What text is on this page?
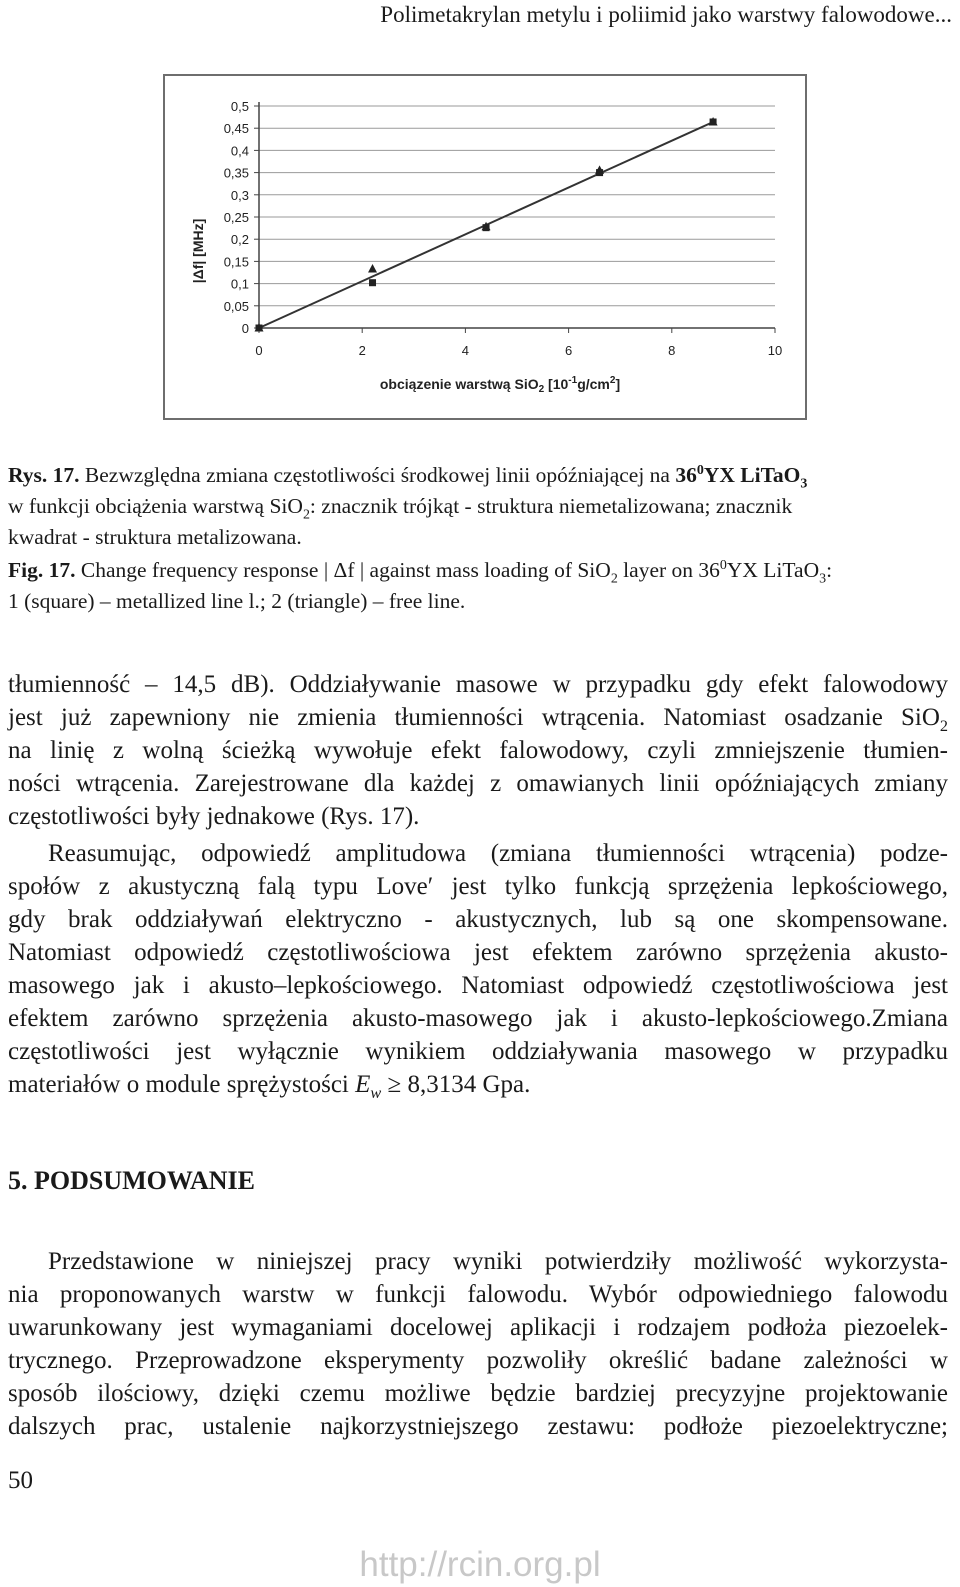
Polimetakrylan metylu i poliimid jako warstwy falowodowe...
0
0,05
0,1
0,15
0,2
0,25
0,3
0,35
0,4
0,45
0,5
0	2	4	6	8	10
|Δf| [MHz]
obciązenie warstwą SiO$_2$ $[10^{-1}g/cm^2]$
Rys. 17. Bezwzględna zmiana częstotliwości środkowej linii opóźniającej na $36^0YX$ LiTaO$_3$
w funkcji obciążenia warstwą SiO$_2$: znacznik trójkąt - struktura niemetalizowana; znacznik
kwadrat - struktura metalizowana.
Fig. 17. Change frequency response | Δf | against mass loading of SiO$_2$ layer on $36^0YX$ LiTaO$_3$:
1 (square) – metallized line l.; 2 (triangle) – free line.
tłumienność – 14,5 dB). Oddziaływanie masowe w przypadku gdy efekt falowodowy
jest już zapewniony nie zmienia tłumienności wtrącenia. Natomiast osadzanie SiO$_2$
na linię z wolną ścieżką wywołuje efekt falowodowy, czyli zmniejszenie tłumien-
ności wtrącenia. Zarejestrowane dla każdej z omawianych linii opóźniających zmiany
częstotliwości były jednakowe (Rys. 17).
Reasumując, odpowiedź amplitudowa (zmiana tłumienności wtrącenia) podze-
społów z akustyczną falą typu Love′ jest tylko funkcją sprzężenia lepkościowego,
gdy brak oddziaływań elektryczno - akustycznych, lub są one skompensowane.
Natomiast odpowiedź częstotliwościowa jest efektem zarówno sprzężenia akusto-
masowego jak i akusto–lepkościowego. Natomiast odpowiedź częstotliwościowa jest
efektem zarówno sprzężenia akusto-masowego jak i akusto-lepkościowego.Zmiana
częstotliwości jest wyłącznie wynikiem oddziaływania masowego w przypadku
materiałów o module sprężystości $E_w \ge 8,3134$ Gpa.
5. PODSUMOWANIE
Przedstawione w niniejszej pracy wyniki potwierdziły możliwość wykorzysta-
nia proponowanych warstw w funkcji falowodu. Wybór odpowiedniego falowodu
uwarunkowany jest wymaganiami docelowej aplikacji i rodzajem podłoża piezoelek-
trycznego. Przeprowadzone eksperymenty pozwoliły określić badane zależności w
sposób ilościowy, dzięki czemu możliwe będzie bardziej precyzyjne projektowanie
dalszych prac, ustalenie najkorzystniejszego zestawu: podłoże piezoelektryczne;
50
http://rcin.org.pl
